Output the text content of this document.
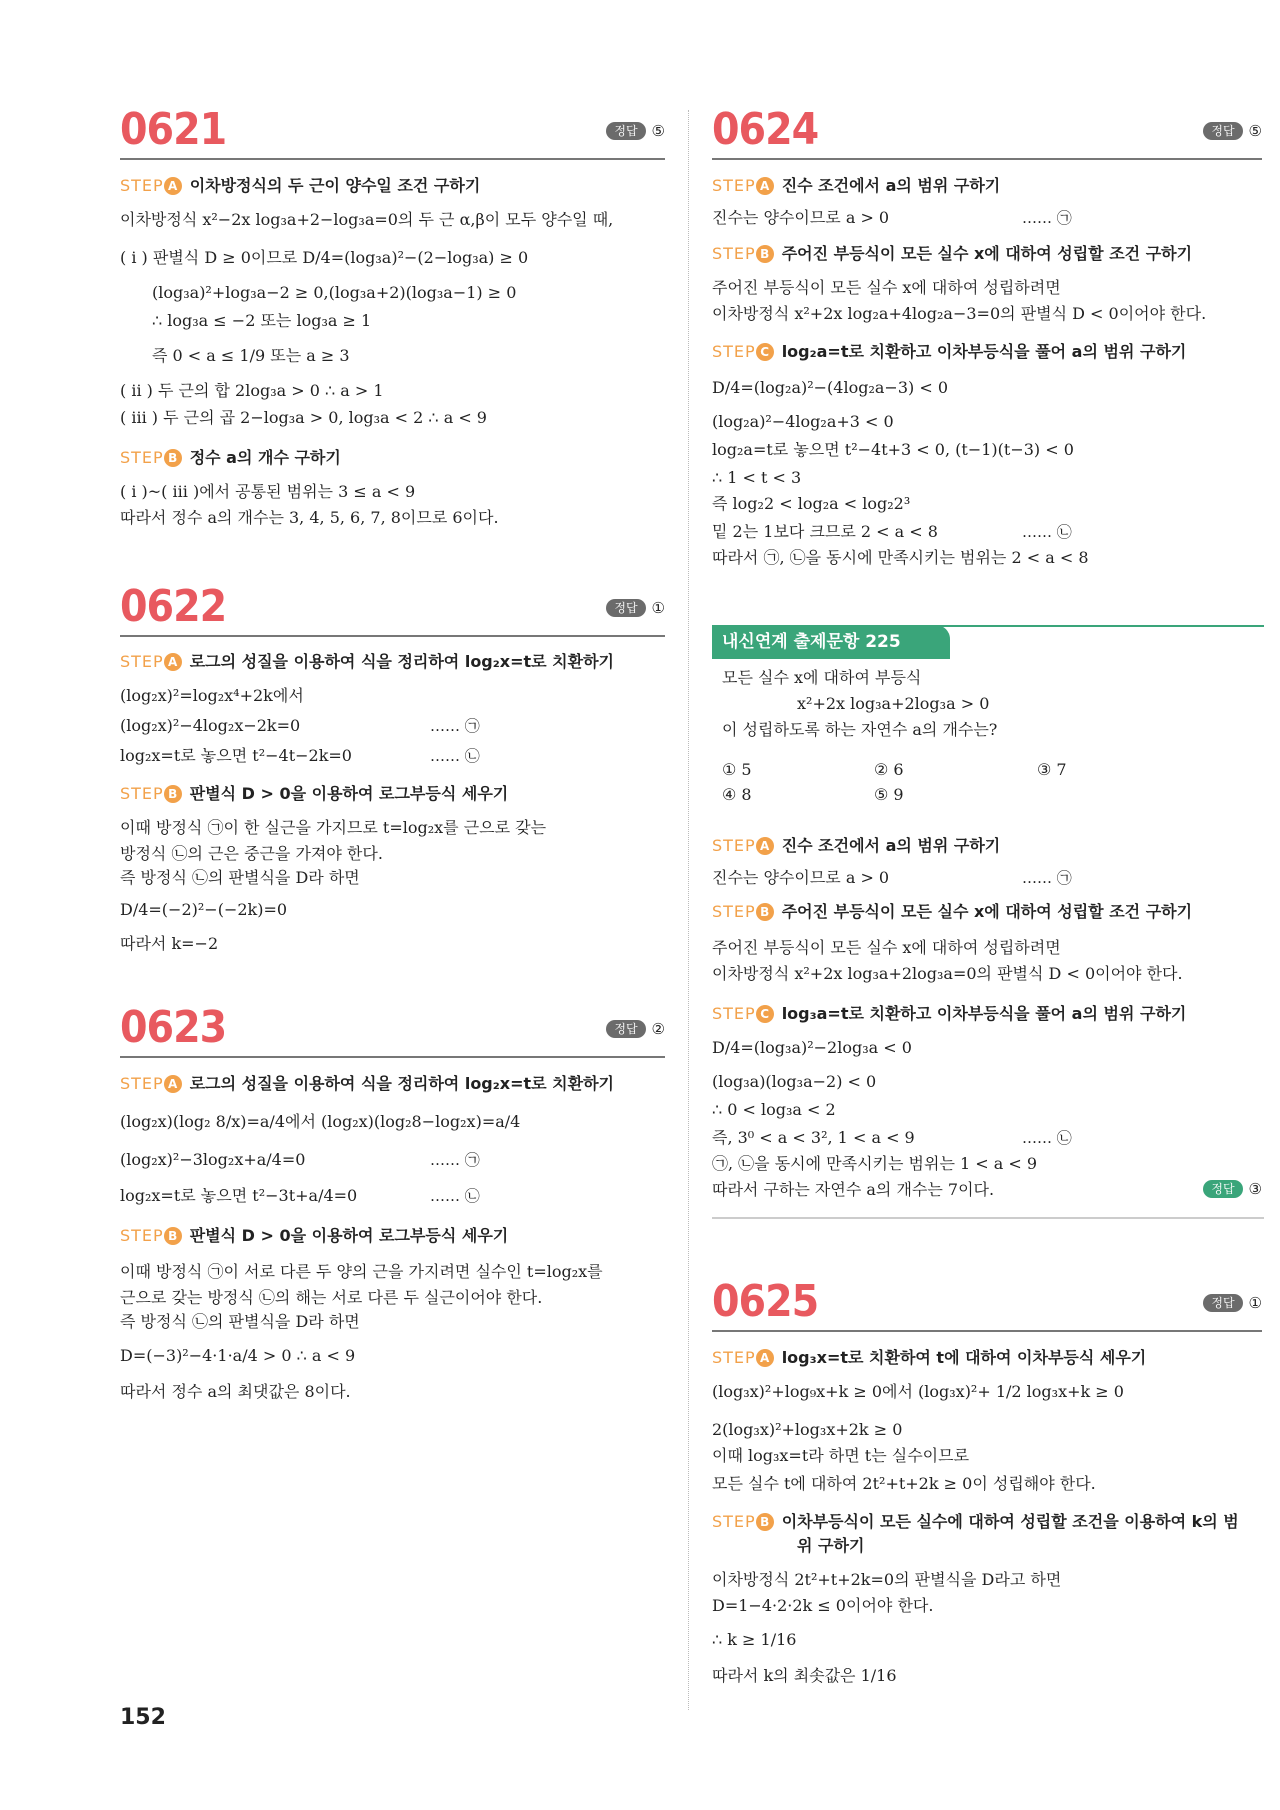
0621	정답 ⑤
STEP A 이차방정식의 두 근이 양수일 조건 구하기
이차방정식 x²−2x log₃a+2−log₃a=0의 두 근 α,β이 모두 양수일 때,
( i ) 판별식 D ≥ 0이므로 D/4=(log₃a)²−(2−log₃a) ≥ 0
(log₃a)²+log₃a−2 ≥ 0,(log₃a+2)(log₃a−1) ≥ 0
∴ log₃a ≤ −2 또는 log₃a ≥ 1
즉 0 < a ≤ 1/9 또는 a ≥ 3
( ii ) 두 근의 합 2log₃a > 0 ∴ a > 1
( iii ) 두 근의 곱 2−log₃a > 0, log₃a < 2 ∴ a < 9
STEP B 정수 a의 개수 구하기
( i )~( iii )에서 공통된 범위는 3 ≤ a < 9
따라서 정수 a의 개수는 3, 4, 5, 6, 7, 8이므로 6이다.
0622	정답 ①
STEP A 로그의 성질을 이용하여 식을 정리하여 log₂x=t로 치환하기
(log₂x)²=log₂x⁴+2k에서
(log₂x)²−4log₂x−2k=0	…… ㉠
log₂x=t로 놓으면 t²−4t−2k=0	…… ㉡
STEP B 판별식 D > 0을 이용하여 로그부등식 세우기
이때 방정식 ㉠이 한 실근을 가지므로 t=log₂x를 근으로 갖는
방정식 ㉡의 근은 중근을 가져야 한다.
즉 방정식 ㉡의 판별식을 D라 하면
D/4=(−2)²−(−2k)=0
따라서 k=−2
0623	정답 ②
STEP A 로그의 성질을 이용하여 식을 정리하여 log₂x=t로 치환하기
(log₂x)(log₂ 8/x)=a/4에서 (log₂x)(log₂8−log₂x)=a/4
(log₂x)²−3log₂x+a/4=0	…… ㉠
log₂x=t로 놓으면 t²−3t+a/4=0	…… ㉡
STEP B 판별식 D > 0을 이용하여 로그부등식 세우기
이때 방정식 ㉠이 서로 다른 두 양의 근을 가지려면 실수인 t=log₂x를
근으로 갖는 방정식 ㉡의 해는 서로 다른 두 실근이어야 한다.
즉 방정식 ㉡의 판별식을 D라 하면
D=(−3)²−4·1·a/4 > 0 ∴ a < 9
따라서 정수 a의 최댓값은 8이다.
0624	정답 ⑤
STEP A 진수 조건에서 a의 범위 구하기
진수는 양수이므로 a > 0	…… ㉠
STEP B 주어진 부등식이 모든 실수 x에 대하여 성립할 조건 구하기
주어진 부등식이 모든 실수 x에 대하여 성립하려면
이차방정식 x²+2x log₂a+4log₂a−3=0의 판별식 D < 0이어야 한다.
STEP C log₂a=t로 치환하고 이차부등식을 풀어 a의 범위 구하기
D/4=(log₂a)²−(4log₂a−3) < 0
(log₂a)²−4log₂a+3 < 0
log₂a=t로 놓으면 t²−4t+3 < 0, (t−1)(t−3) < 0
∴ 1 < t < 3
즉 log₂2 < log₂a < log₂2³
밑 2는 1보다 크므로 2 < a < 8	…… ㉡
따라서 ㉠, ㉡을 동시에 만족시키는 범위는 2 < a < 8
내신연계 출제문항 225
모든 실수 x에 대하여 부등식
x²+2x log₃a+2log₃a > 0
이 성립하도록 하는 자연수 a의 개수는?
① 5	② 6	③ 7
④ 8	⑤ 9
STEP A 진수 조건에서 a의 범위 구하기
진수는 양수이므로 a > 0	…… ㉠
STEP B 주어진 부등식이 모든 실수 x에 대하여 성립할 조건 구하기
주어진 부등식이 모든 실수 x에 대하여 성립하려면
이차방정식 x²+2x log₃a+2log₃a=0의 판별식 D < 0이어야 한다.
STEP C log₃a=t로 치환하고 이차부등식을 풀어 a의 범위 구하기
D/4=(log₃a)²−2log₃a < 0
(log₃a)(log₃a−2) < 0
∴ 0 < log₃a < 2
즉, 3⁰ < a < 3², 1 < a < 9	…… ㉡
㉠, ㉡을 동시에 만족시키는 범위는 1 < a < 9
따라서 구하는 자연수 a의 개수는 7이다.	정답 ③
0625	정답 ①
STEP A log₃x=t로 치환하여 t에 대하여 이차부등식 세우기
(log₃x)²+log₉x+k ≥ 0에서 (log₃x)²+ 1/2 log₃x+k ≥ 0
2(log₃x)²+log₃x+2k ≥ 0
이때 log₃x=t라 하면 t는 실수이므로
모든 실수 t에 대하여 2t²+t+2k ≥ 0이 성립해야 한다.
STEP B 이차부등식이 모든 실수에 대하여 성립할 조건을 이용하여 k의 범
위 구하기
이차방정식 2t²+t+2k=0의 판별식을 D라고 하면
D=1−4·2·2k ≤ 0이어야 한다.
∴ k ≥ 1/16
따라서 k의 최솟값은 1/16
152
